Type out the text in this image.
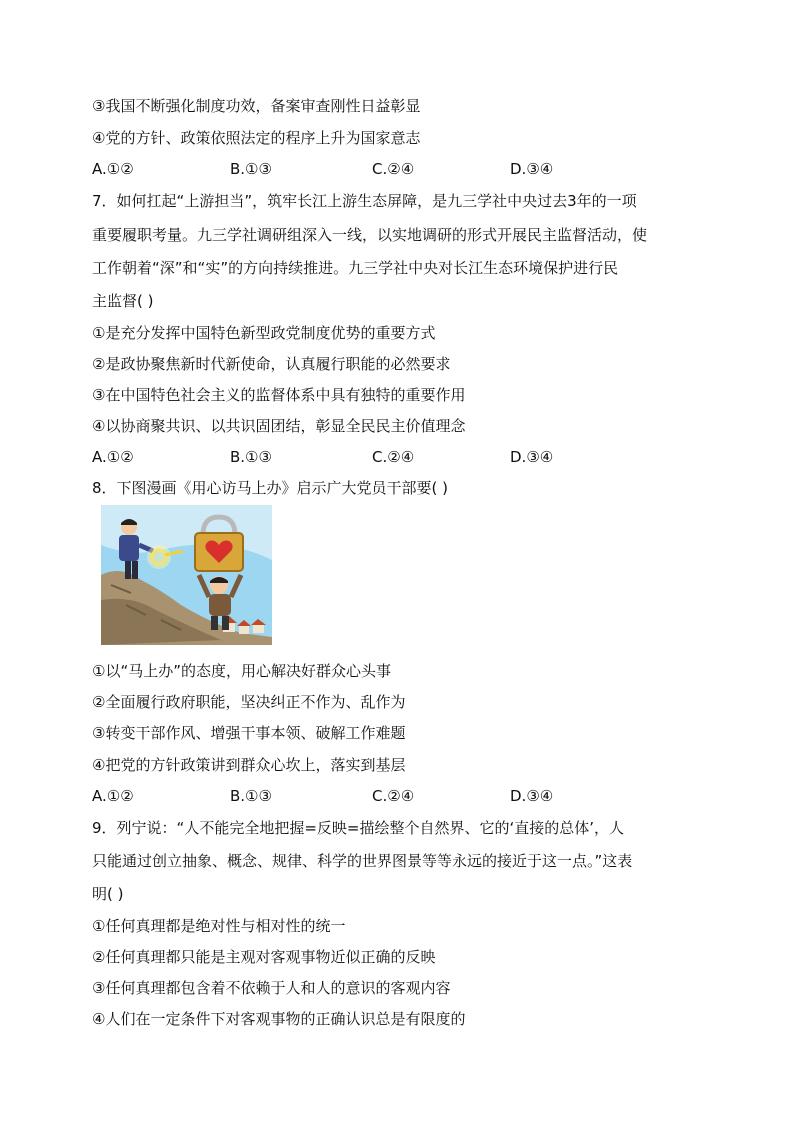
③我国不断强化制度功效，备案审查刚性日益彰显
④党的方针、政策依照法定的程序上升为国家意志
A.①②	B.①③	C.②④	D.③④
7．如何扛起“上游担当”，筑牢长江上游生态屏障，是九三学社中央过去3年的一项
重要履职考量。九三学社调研组深入一线，以实地调研的形式开展民主监督活动，使
工作朝着“深”和“实”的方向持续推进。九三学社中央对长江生态环境保护进行民
主监督( )
①是充分发挥中国特色新型政党制度优势的重要方式
②是政协聚焦新时代新使命，认真履行职能的必然要求
③在中国特色社会主义的监督体系中具有独特的重要作用
④以协商聚共识、以共识固团结，彰显全民民主价值理念
A.①②	B.①③	C.②④	D.③④
8．下图漫画《用心访马上办》启示广大党员干部要( )
①以“马上办”的态度，用心解决好群众心头事
②全面履行政府职能，坚决纠正不作为、乱作为
③转变干部作风、增强干事本领、破解工作难题
④把党的方针政策讲到群众心坎上，落实到基层
A.①②	B.①③	C.②④	D.③④
9．列宁说：“人不能完全地把握=反映=描绘整个自然界、它的‘直接的总体’，人
只能通过创立抽象、概念、规律、科学的世界图景等等永远的接近于这一点。”这表
明( )
①任何真理都是绝对性与相对性的统一
②任何真理都只能是主观对客观事物近似正确的反映
③任何真理都包含着不依赖于人和人的意识的客观内容
④人们在一定条件下对客观事物的正确认识总是有限度的
